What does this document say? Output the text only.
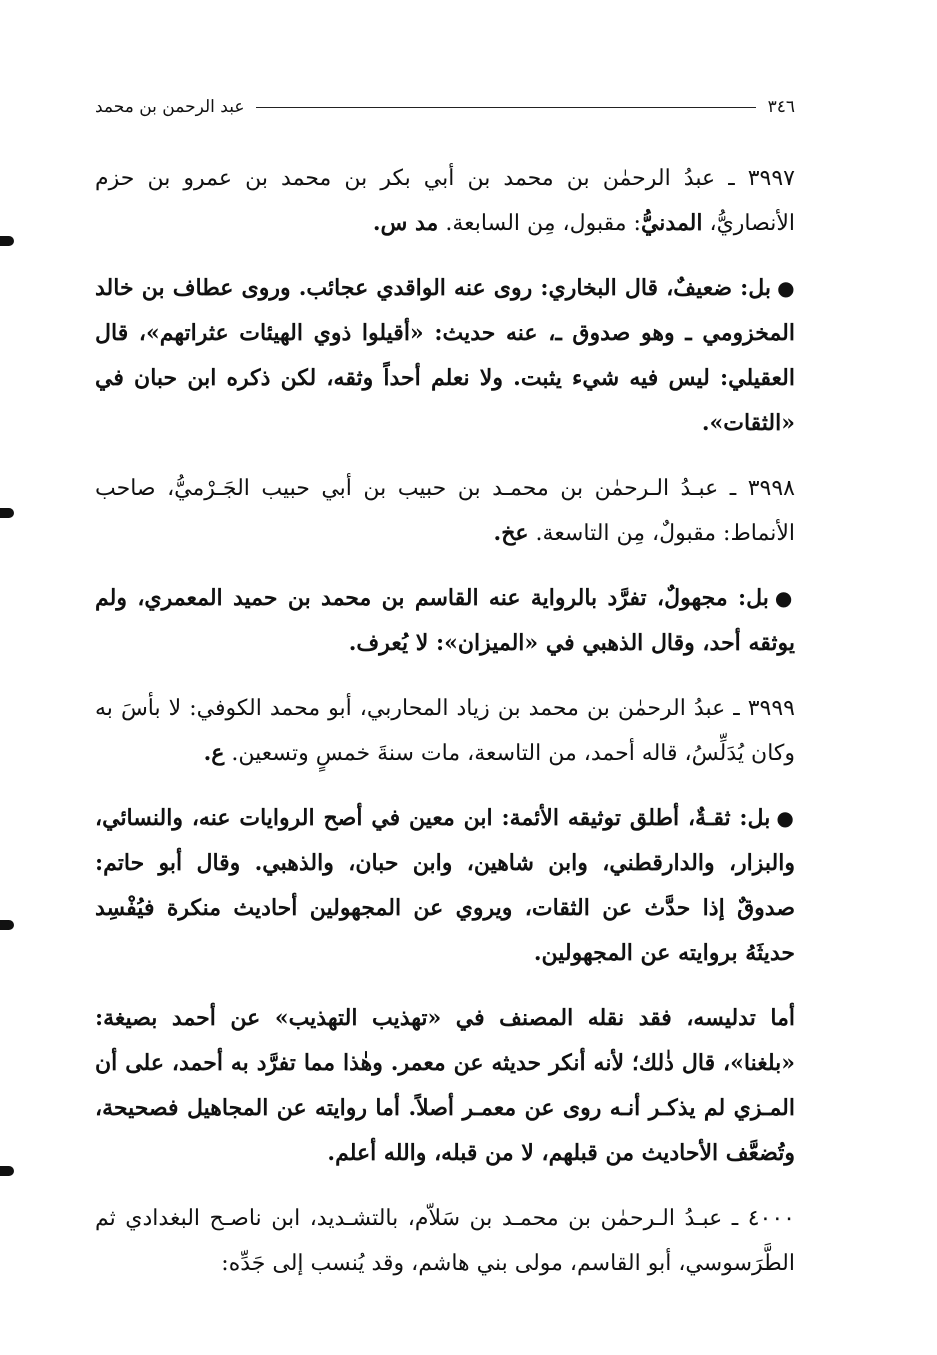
٣٤٦
عبد الرحمن بن محمد

٣٩٩٧ ـ عبدُ الرحمٰن بن محمد بن أبي بكر بن محمد بن عمرو بن حزم الأنصاريُّ، المدنيُّ: مقبول، مِن السابعة. مد س.

●بل: ضعيفٌ، قال البخاري: روى عنه الواقدي عجائب. وروى عطاف بن خالد المخزومي ـ وهو صدوق ـ، عنه حديث: «أقيلوا ذوي الهيئات عثراتهم»، قال العقيلي: ليس فيه شيء يثبت. ولا نعلم أحداً وثقه، لكن ذكره ابن حبان في «الثقات».

٣٩٩٨ ـ عبـدُ الـرحمٰن بن محمـد بن حبيب بن أبي حبيب الجَـرْميُّ، صاحب الأنماط: مقبولٌ، مِن التاسعة. عخ.

●بل: مجهولٌ، تفرَّد بالرواية عنه القاسم بن محمد بن حميد المعمري، ولم يوثقه أحد، وقال الذهبي في «الميزان»: لا يُعرف.

٣٩٩٩ ـ عبدُ الرحمٰن بن محمد بن زياد المحاربي، أبو محمد الكوفي: لا بأسَ به وكان يُدَلِّسُ، قاله أحمد، من التاسعة، مات سنةَ خمسٍ وتسعين. ع.

●بل: ثقـةٌ، أطلق توثيقه الأئمة: ابن معين في أصح الروايات عنه، والنسائي، والبزار، والدارقطني، وابن شاهين، وابن حبان، والذهبي. وقال أبو حاتم: صدوقٌ إذا حدَّث عن الثقات، ويروي عن المجهولين أحاديث منكرة فيُفْسِد حديثَهُ بروايته عن المجهولين.

أما تدليسه، فقد نقله المصنف في «تهذيب التهذيب» عن أحمد بصيغة: «بلغنا»، قال ذٰلك؛ لأنه أنكر حديثه عن معمر. وهٰذا مما تفرَّد به أحمد، على أن المـزي لم يذكـر أنـه روى عن معمـر أصلاً. أما روايته عن المجاهيل فصحيحة، وتُضعَّف الأحاديث من قبلهم، لا من قبله، والله أعلم.

٤٠٠٠ ـ عبـدُ الـرحمٰن بن محمـد بن سَلاّم، بالتشـديد، ابن ناصـح البغدادي ثم الطَّرَسوسي، أبو القاسم، مولى بني هاشم، وقد يُنسب إلى جَدِّه:
